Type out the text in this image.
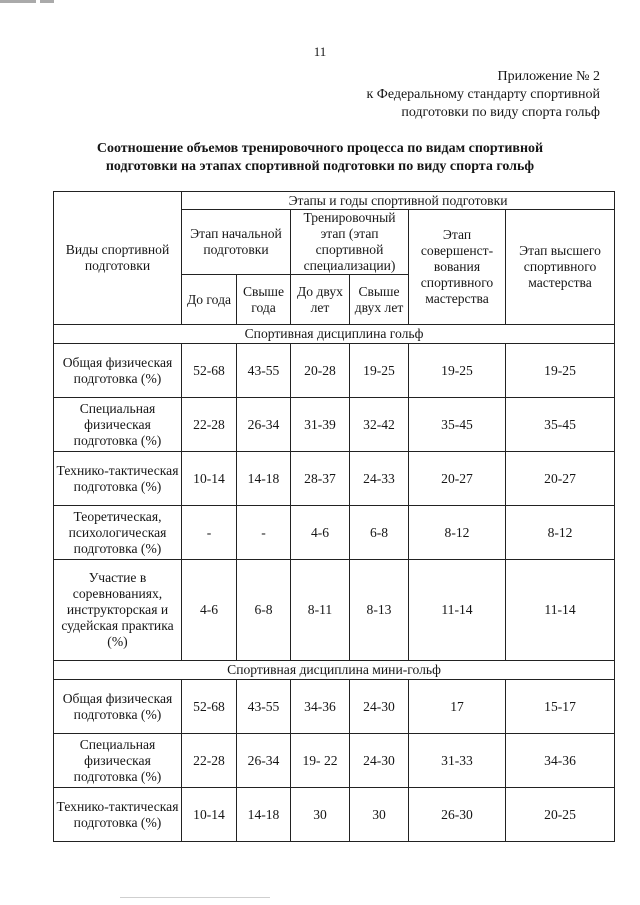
11
Приложение № 2
к Федеральному стандарту спортивной
подготовки по виду спорта гольф
Соотношение объемов тренировочного процесса по видам спортивной
подготовки на этапах спортивной подготовки по виду спорта гольф
Виды спортивной подготовки	Этапы и годы спортивной подготовки					
	Этап начальной подготовки		Тренировочный этап (этап спортивной специализации)		Этап совершенст-вования спортивного мастерства	Этап высшего спортивного мастерства
	До года	Свыше года	До двух лет	Свыше двух лет		
Спортивная дисциплина гольф						
Общая физическая подготовка (%)	52-68	43-55	20-28	19-25	19-25	19-25
Специальная физическая подготовка (%)	22-28	26-34	31-39	32-42	35-45	35-45
Технико-тактическая подготовка (%)	10-14	14-18	28-37	24-33	20-27	20-27
Теоретическая, психологическая подготовка (%)	-	-	4-6	6-8	8-12	8-12
Участие в соревнованиях, инструкторская и судейская практика (%)	4-6	6-8	8-11	8-13	11-14	11-14
Спортивная дисциплина мини-гольф						
Общая физическая подготовка (%)	52-68	43-55	34-36	24-30	17	15-17
Специальная физическая подготовка (%)	22-28	26-34	19- 22	24-30	31-33	34-36
Технико-тактическая подготовка (%)	10-14	14-18	30	30	26-30	20-25
